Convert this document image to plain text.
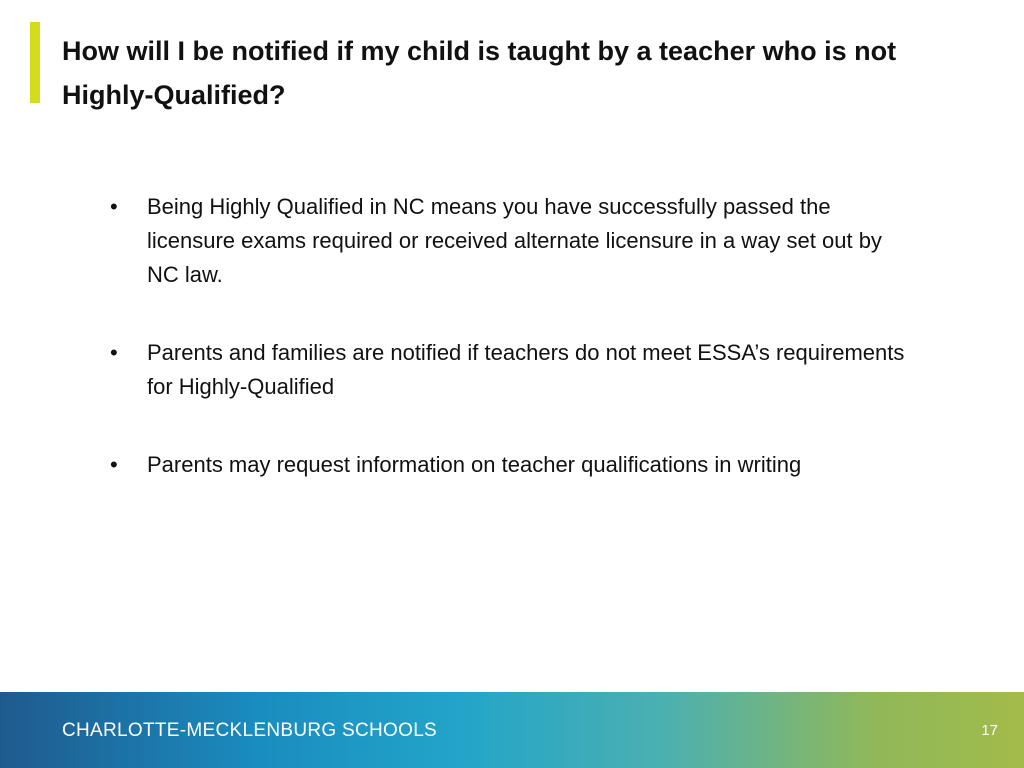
How will I be notified if my child is taught by a teacher who is not Highly-Qualified?
• Being Highly Qualified in NC means you have successfully passed the licensure exams required or received alternate licensure in a way set out by NC law.
• Parents and families are notified if teachers do not meet ESSA’s requirements for Highly-Qualified
• Parents may request information on teacher qualifications in writing
CHARLOTTE-MECKLENBURG SCHOOLS	17
